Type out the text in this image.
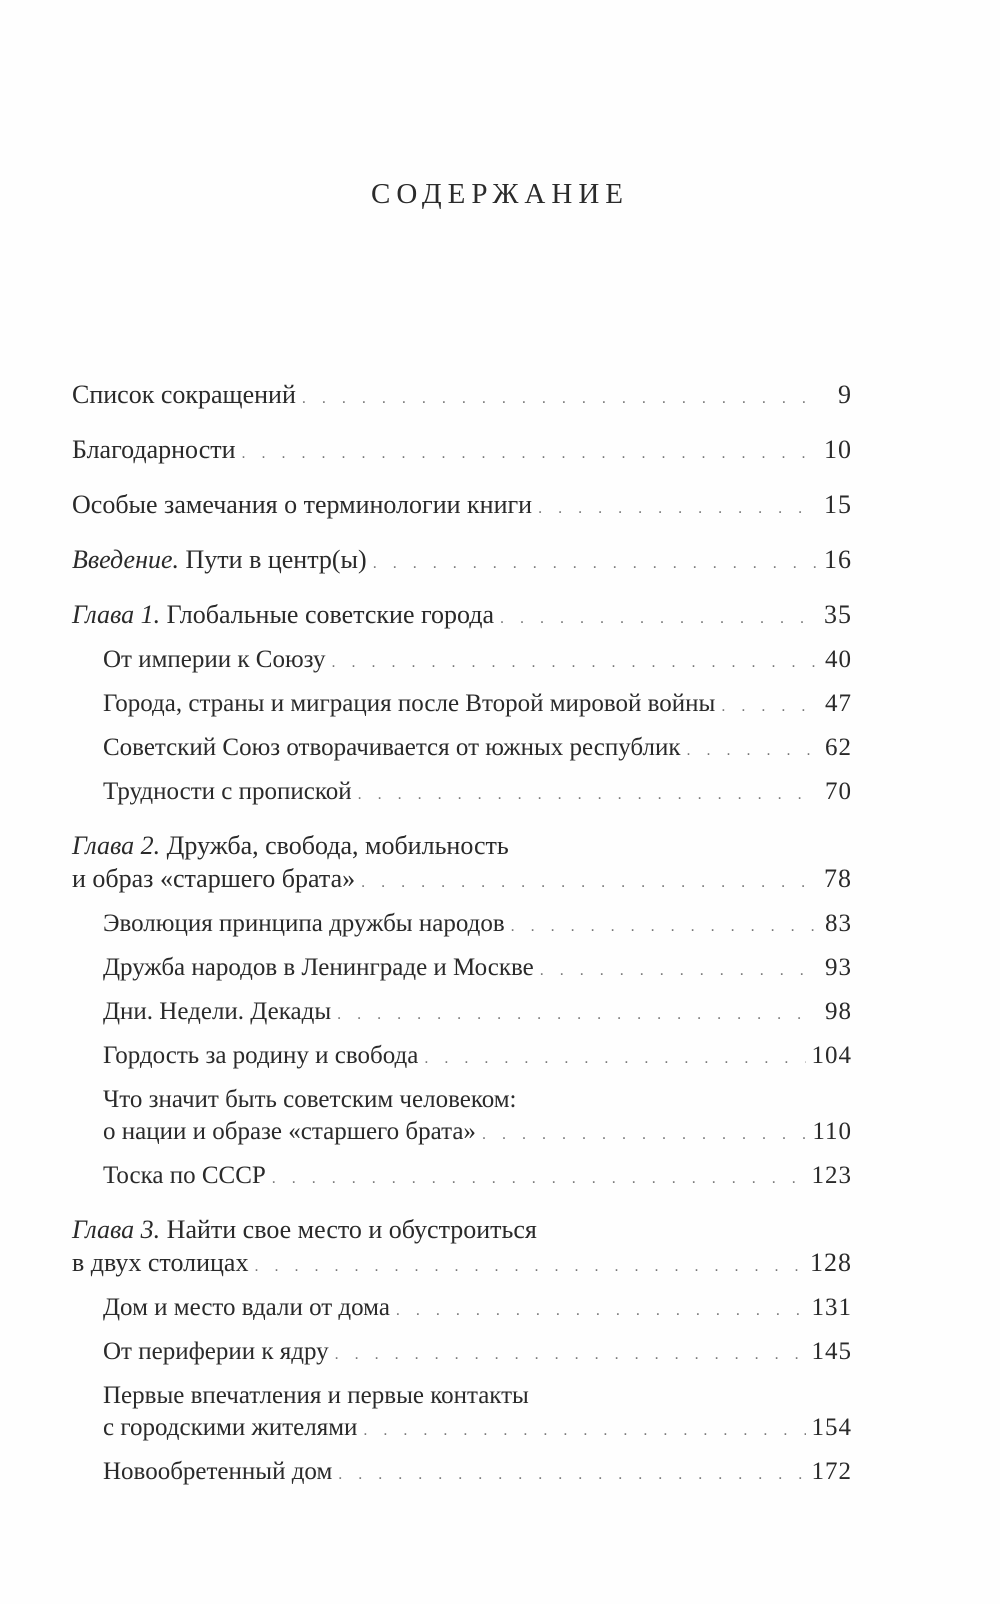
СОДЕРЖАНИЕ
Список сокращений . . .	9
Благодарности . . .	10
Особые замечания о терминологии книги . . .	15
Введение. Пути в центр(ы) . . .	16
Глава 1. Глобальные советские города . . .	35
От империи к Союзу . . .	40
Города, страны и миграция после Второй мировой войны . . .	47
Советский Союз отворачивается от южных республик . . .	62
Трудности с пропиской . . .	70
Глава 2. Дружба, свобода, мобильность
и образ «старшего брата» . . .	78
Эволюция принципа дружбы народов . . .	83
Дружба народов в Ленинграде и Москве . . .	93
Дни. Недели. Декады . . .	98
Гордость за родину и свобода . . .	104
Что значит быть советским человеком:
о нации и образе «старшего брата» . . .	110
Тоска по СССР . . .	123
Глава 3. Найти свое место и обустроиться
в двух столицах . . .	128
Дом и место вдали от дома . . .	131
От периферии к ядру . . .	145
Первые впечатления и первые контакты
с городскими жителями . . .	154
Новообретенный дом . . .	172
